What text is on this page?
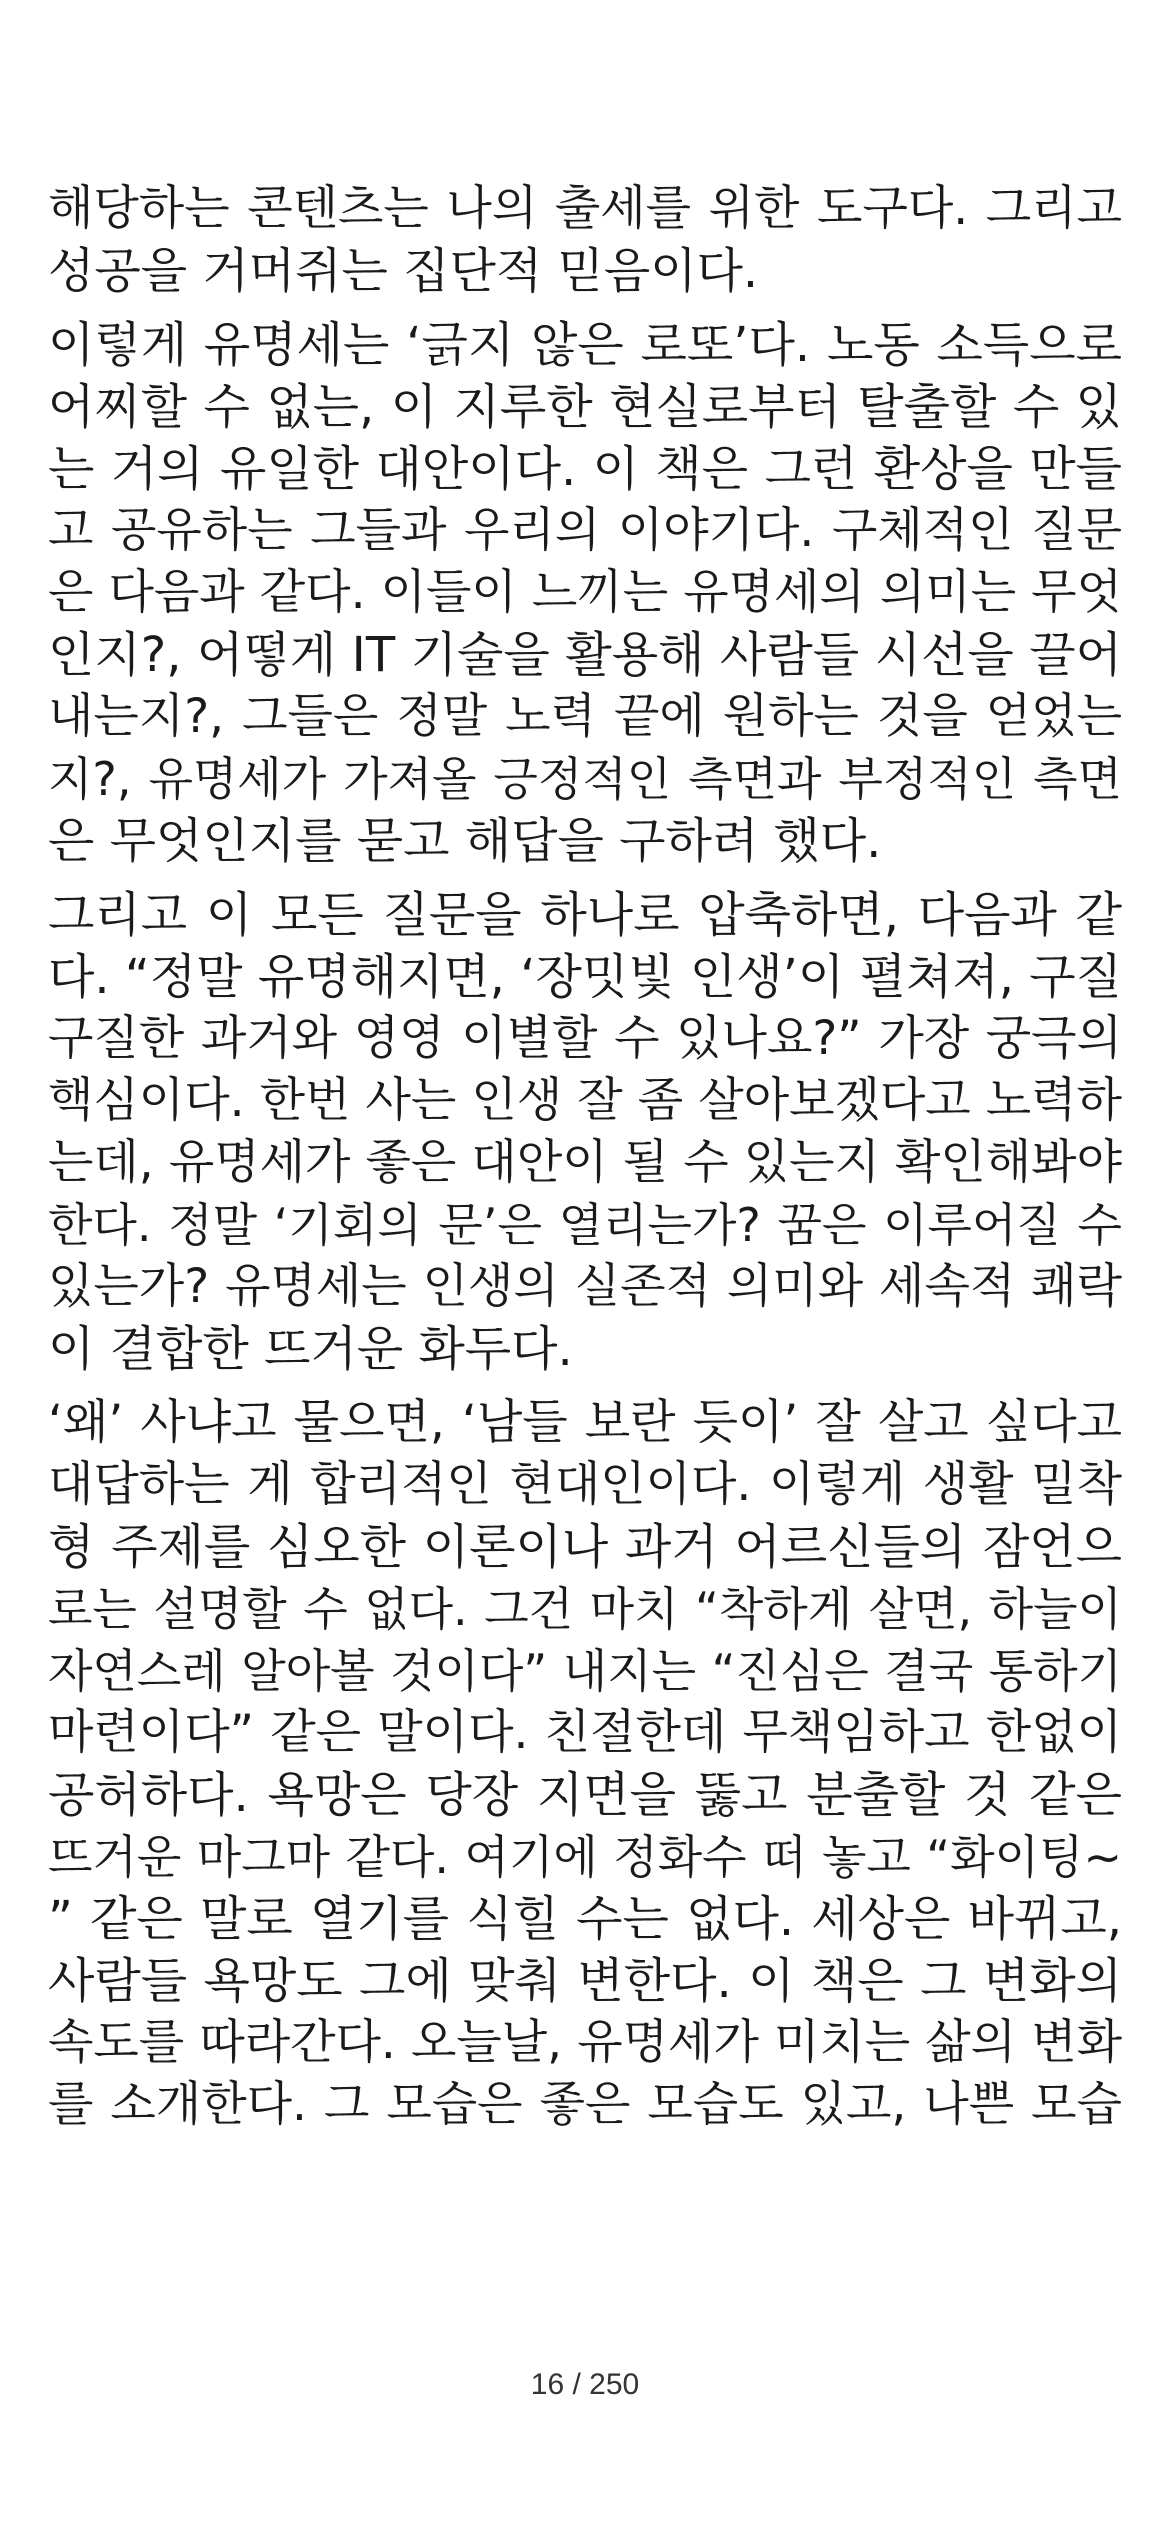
해당하는 콘텐츠는 나의 출세를 위한 도구다. 그리고
성공을 거머쥐는 집단적 믿음이다.
이렇게 유명세는 ‘긁지 않은 로또’다. 노동 소득으로
어찌할 수 없는, 이 지루한 현실로부터 탈출할 수 있
는 거의 유일한 대안이다. 이 책은 그런 환상을 만들
고 공유하는 그들과 우리의 이야기다. 구체적인 질문
은 다음과 같다. 이들이 느끼는 유명세의 의미는 무엇
인지?, 어떻게 IT 기술을 활용해 사람들 시선을 끌어
내는지?, 그들은 정말 노력 끝에 원하는 것을 얻었는
지?, 유명세가 가져올 긍정적인 측면과 부정적인 측면
은 무엇인지를 묻고 해답을 구하려 했다.
그리고 이 모든 질문을 하나로 압축하면, 다음과 같
다. “정말 유명해지면, ‘장밋빛 인생’이 펼쳐져, 구질
구질한 과거와 영영 이별할 수 있나요?” 가장 궁극의
핵심이다. 한번 사는 인생 잘 좀 살아보겠다고 노력하
는데, 유명세가 좋은 대안이 될 수 있는지 확인해봐야
한다. 정말 ‘기회의 문’은 열리는가? 꿈은 이루어질 수
있는가? 유명세는 인생의 실존적 의미와 세속적 쾌락
이 결합한 뜨거운 화두다.
‘왜’ 사냐고 물으면, ‘남들 보란 듯이’ 잘 살고 싶다고
대답하는 게 합리적인 현대인이다. 이렇게 생활 밀착
형 주제를 심오한 이론이나 과거 어르신들의 잠언으
로는 설명할 수 없다. 그건 마치 “착하게 살면, 하늘이
자연스레 알아볼 것이다” 내지는 “진심은 결국 통하기
마련이다” 같은 말이다. 친절한데 무책임하고 한없이
공허하다. 욕망은 당장 지면을 뚫고 분출할 것 같은
뜨거운 마그마 같다. 여기에 정화수 떠 놓고 “화이팅~
” 같은 말로 열기를 식힐 수는 없다. 세상은 바뀌고,
사람들 욕망도 그에 맞춰 변한다. 이 책은 그 변화의
속도를 따라간다. 오늘날, 유명세가 미치는 삶의 변화
를 소개한다. 그 모습은 좋은 모습도 있고, 나쁜 모습
16 / 250
